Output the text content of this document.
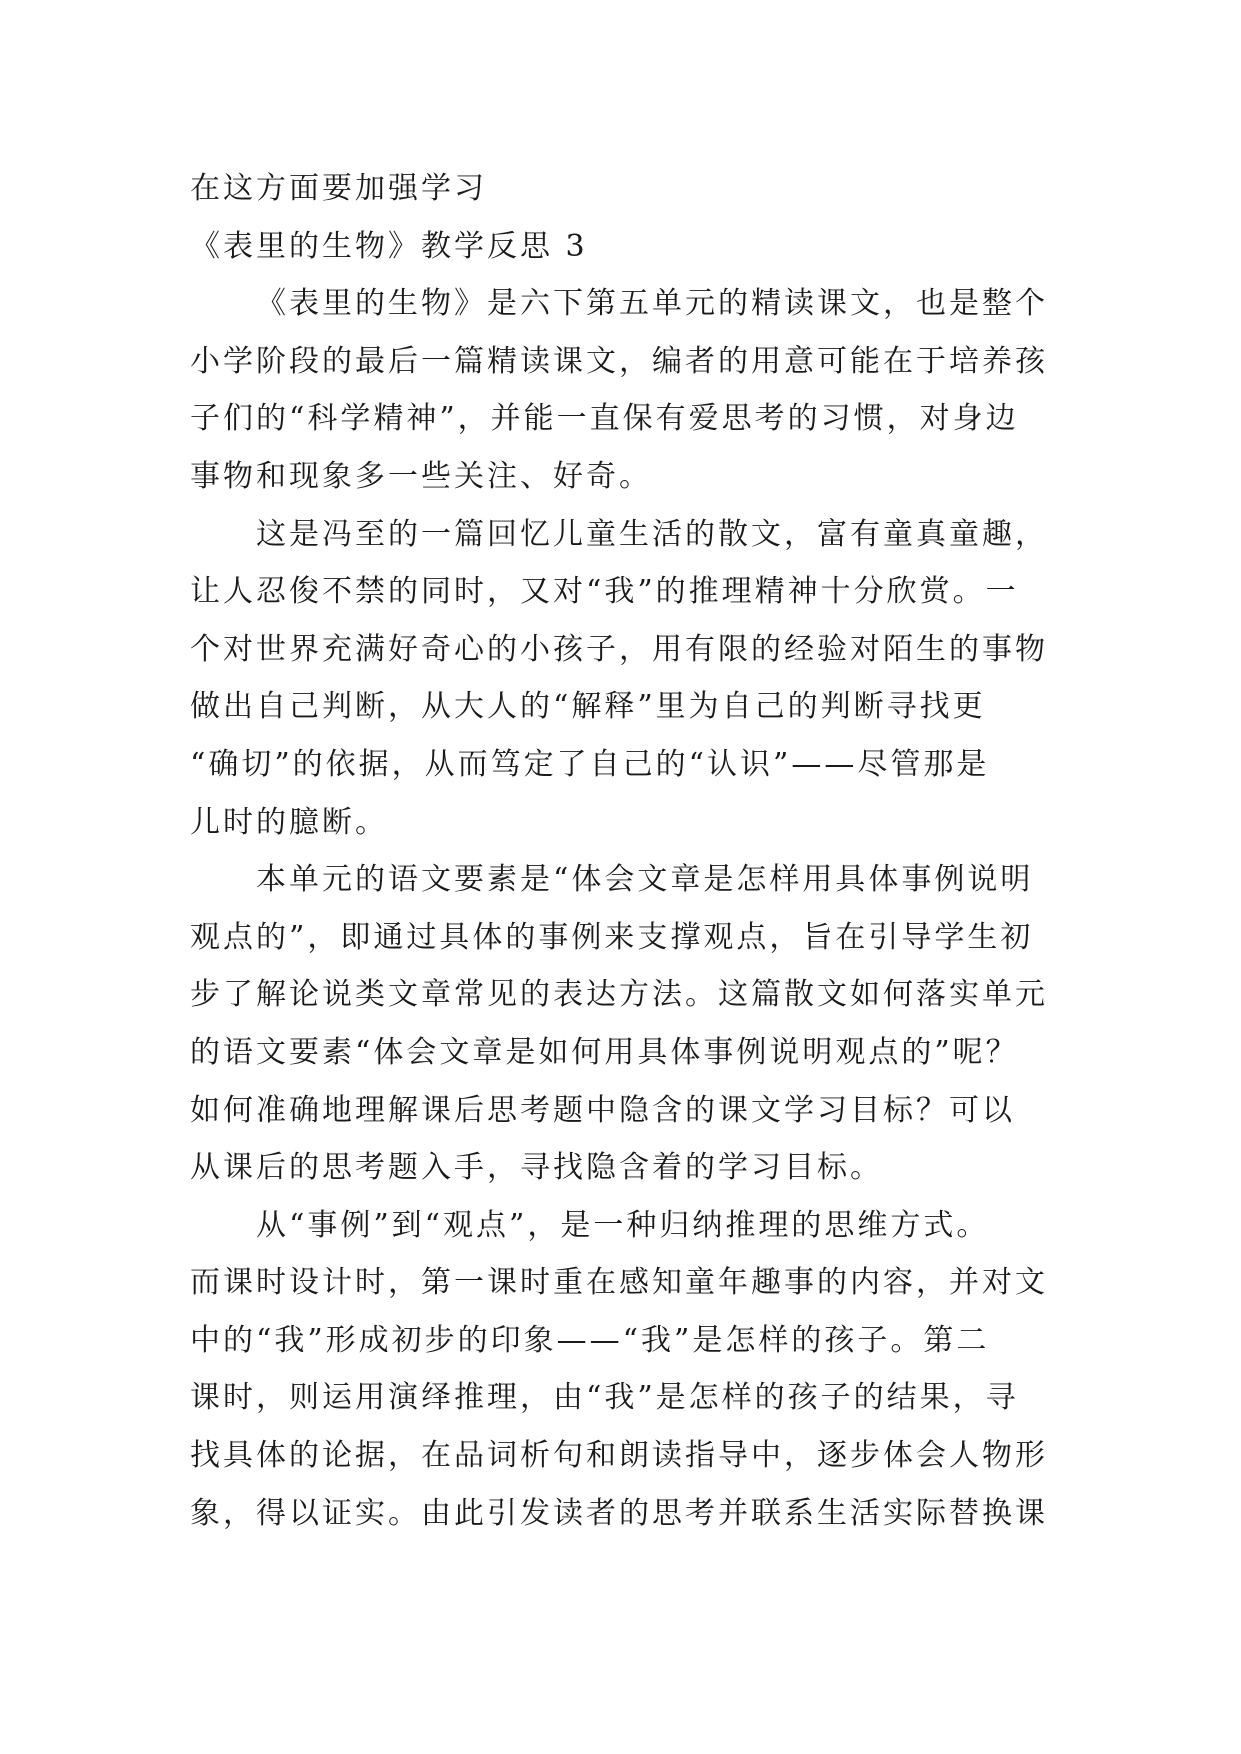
在这方面要加强学习

《表里的生物》教学反思 3

《表里的生物》是六下第五单元的精读课文，也是整个

小学阶段的最后一篇精读课文，编者的用意可能在于培养孩

子们的“科学精神”，并能一直保有爱思考的习惯，对身边

事物和现象多一些关注、好奇。

这是冯至的一篇回忆儿童生活的散文，富有童真童趣，

让人忍俊不禁的同时，又对“我”的推理精神十分欣赏。一

个对世界充满好奇心的小孩子，用有限的经验对陌生的事物

做出自己判断，从大人的“解释”里为自己的判断寻找更

“确切”的依据，从而笃定了自己的“认识”——尽管那是

儿时的臆断。

本单元的语文要素是“体会文章是怎样用具体事例说明

观点的”，即通过具体的事例来支撑观点，旨在引导学生初

步了解论说类文章常见的表达方法。这篇散文如何落实单元

的语文要素“体会文章是如何用具体事例说明观点的”呢？

如何准确地理解课后思考题中隐含的课文学习目标？可以

从课后的思考题入手，寻找隐含着的学习目标。

从“事例”到“观点”，是一种归纳推理的思维方式。

而课时设计时，第一课时重在感知童年趣事的内容，并对文

中的“我”形成初步的印象——“我”是怎样的孩子。第二

课时，则运用演绎推理，由“我”是怎样的孩子的结果，寻

找具体的论据，在品词析句和朗读指导中，逐步体会人物形

象，得以证实。由此引发读者的思考并联系生活实际替换课
